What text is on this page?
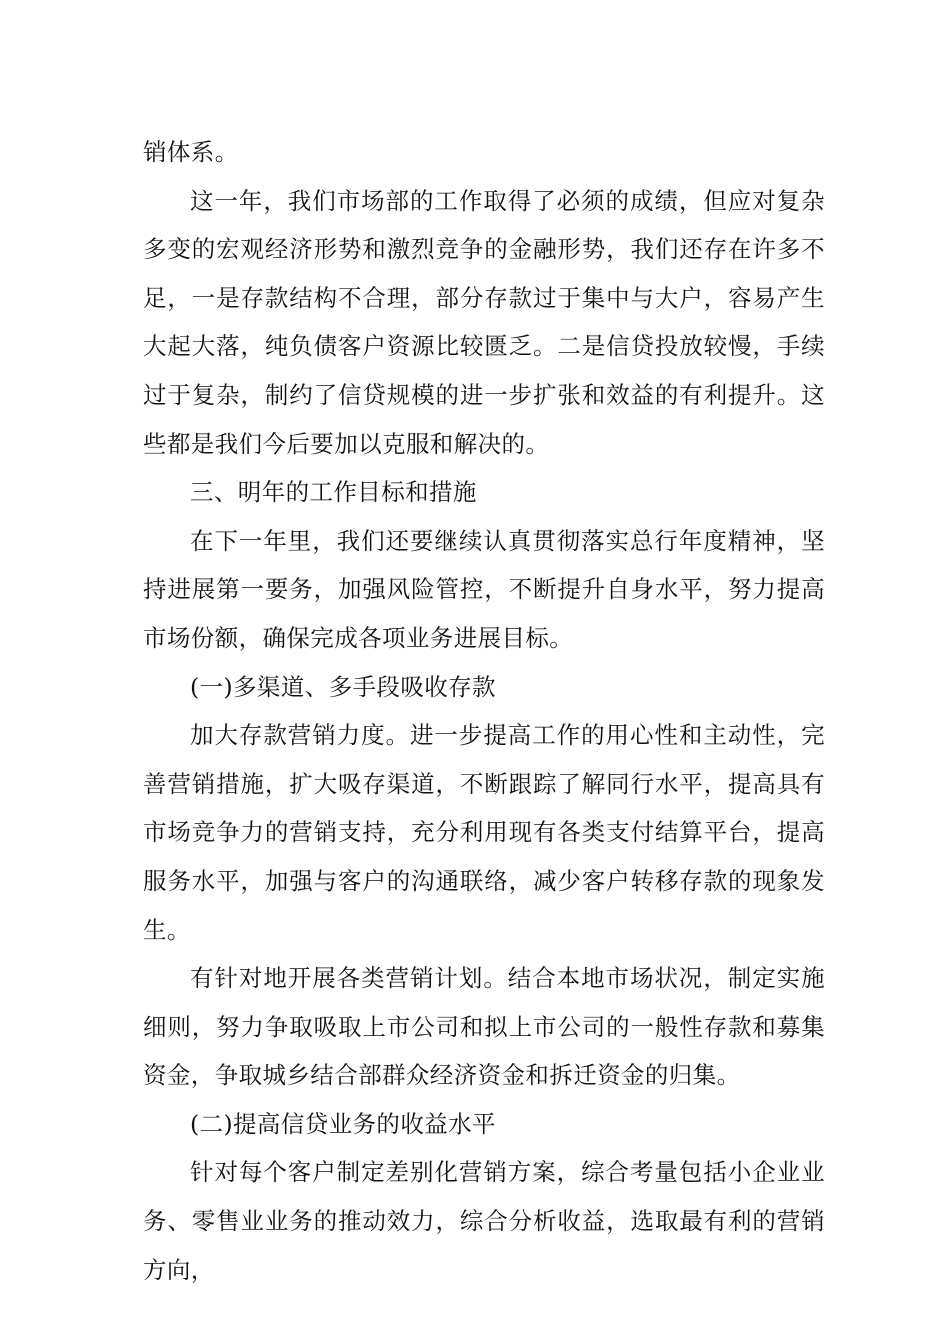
销体系。

这一年，我们市场部的工作取得了必须的成绩，但应对复杂多变的宏观经济形势和激烈竞争的金融形势，我们还存在许多不足，一是存款结构不合理，部分存款过于集中与大户，容易产生大起大落，纯负债客户资源比较匮乏。二是信贷投放较慢，手续过于复杂，制约了信贷规模的进一步扩张和效益的有利提升。这些都是我们今后要加以克服和解决的。

三、明年的工作目标和措施

在下一年里，我们还要继续认真贯彻落实总行年度精神，坚持进展第一要务，加强风险管控，不断提升自身水平，努力提高市场份额，确保完成各项业务进展目标。

(一)多渠道、多手段吸收存款

加大存款营销力度。进一步提高工作的用心性和主动性，完善营销措施，扩大吸存渠道，不断跟踪了解同行水平，提高具有市场竞争力的营销支持，充分利用现有各类支付结算平台，提高服务水平，加强与客户的沟通联络，减少客户转移存款的现象发生。

有针对地开展各类营销计划。结合本地市场状况，制定实施细则，努力争取吸取上市公司和拟上市公司的一般性存款和募集资金，争取城乡结合部群众经济资金和拆迁资金的归集。

(二)提高信贷业务的收益水平

针对每个客户制定差别化营销方案，综合考量包括小企业业务、零售业业务的推动效力，综合分析收益，选取最有利的营销方向，
